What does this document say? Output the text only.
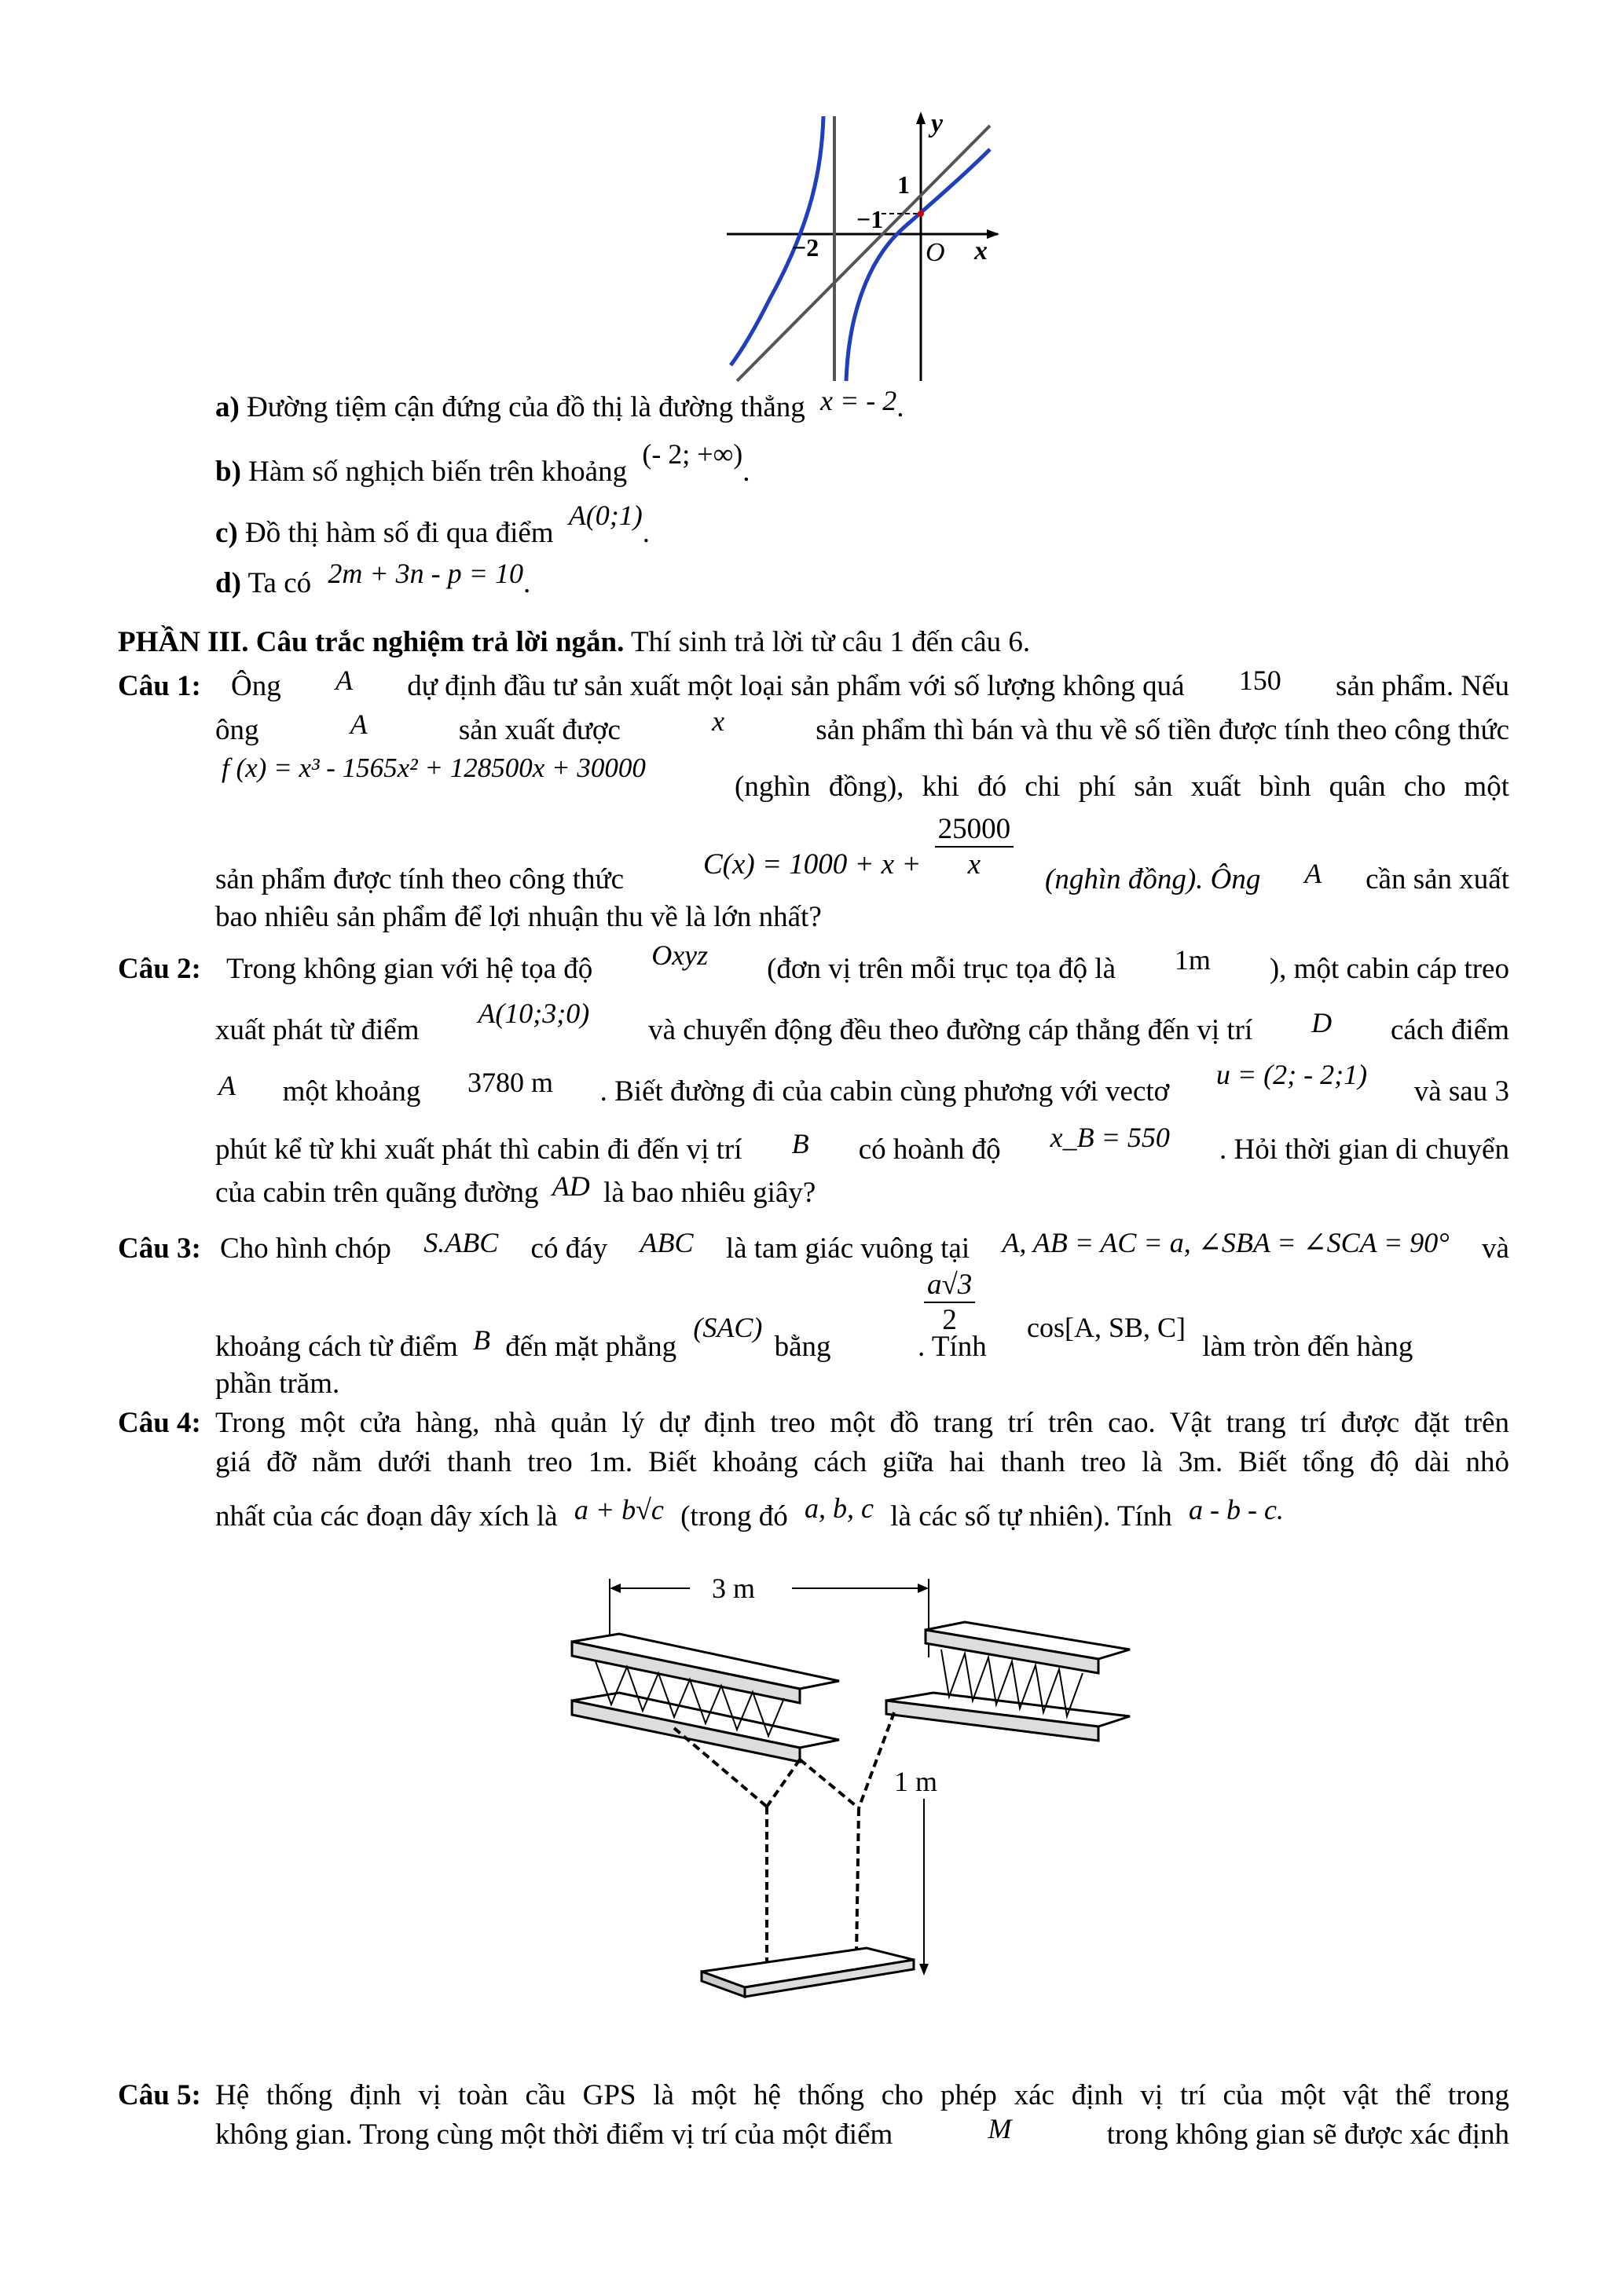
y
x
O
1
−1
−2
a) Đường tiệm cận đứng của đồ thị là đường thẳng x = - 2.
b) Hàm số nghịch biến trên khoảng (- 2; +∞).
c) Đồ thị hàm số đi qua điểm A(0;1).
d) Ta có 2m + 3n - p = 10.
PHẦN III. Câu trắc nghiệm trả lời ngắn. Thí sinh trả lời từ câu 1 đến câu 6.
Câu 1: Ông A dự định đầu tư sản xuất một loại sản phẩm với số lượng không quá 150 sản phẩm. Nếu
ông	A	sản xuất được	x	sản phẩm thì bán và thu về số tiền được tính theo công thức
f (x) = x³ - 1565x² + 128500x + 30000
(nghìn đồng), khi đó chi phí sản xuất bình quân cho một
$C(x) = 1000 + x + \frac{25000}{x}$
sản phẩm được tính theo công thức	(nghìn đồng). Ông A cần sản xuất
bao nhiêu sản phẩm để lợi nhuận thu về là lớn nhất?
Câu 2: Trong không gian với hệ tọa độ Oxyz (đơn vị trên mỗi trục tọa độ là 1m ), một cabin cáp treo
xuất phát từ điểm
A(10;3;0)
và chuyển động đều theo đường cáp thẳng đến vị trí D cách điểm
A một khoảng 3780 m . Biết đường đi của cabin cùng phương với vectơ
u = (2; - 2;1)
và sau 3
phút kể từ khi xuất phát thì cabin đi đến vị trí B có hoành độ x_B = 550 . Hỏi thời gian di chuyển
của cabin trên quãng đường AD là bao nhiêu giây?
Câu 3: Cho hình chóp S.ABC có đáy ABC là tam giác vuông tại A, AB = AC = a, ∠SBA = ∠SCA = 90° và
$\frac{a√3}{2}$
khoảng cách từ điểm B đến mặt phẳng (SAC) bằng	. Tính cos[A, SB, C] làm tròn đến hàng
phần trăm.
Câu 4: Trong một cửa hàng, nhà quản lý dự định treo một đồ trang trí trên cao. Vật trang trí được đặt trên
giá đỡ nằm dưới thanh treo 1m. Biết khoảng cách giữa hai thanh treo là 3m. Biết tổng độ dài nhỏ
nhất của các đoạn dây xích là a + b√c (trong đó a, b, c là các số tự nhiên). Tính a - b - c.
3 m
1 m
Câu 5: Hệ thống định vị toàn cầu GPS là một hệ thống cho phép xác định vị trí của một vật thể trong
không gian. Trong cùng một thời điểm vị trí của một điểm	M	trong không gian sẽ được xác định
